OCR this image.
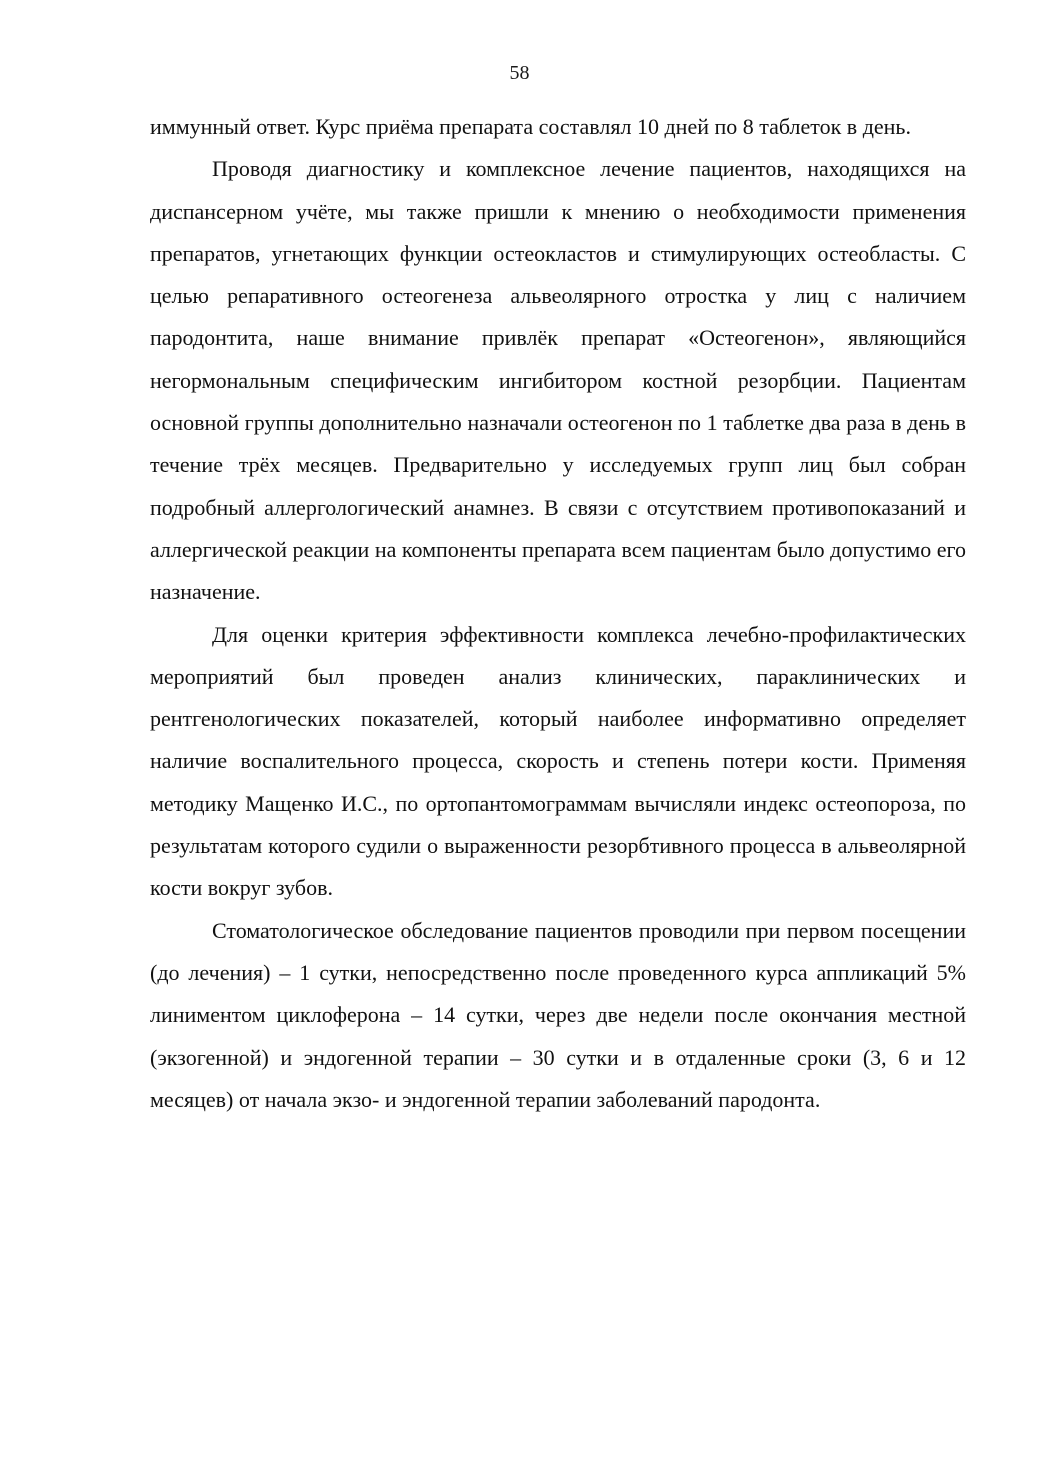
58

иммунный ответ. Курс приёма препарата составлял 10 дней по 8 таблеток в день.

Проводя диагностику и комплексное лечение пациентов, находящихся на диспансерном учёте, мы также пришли к мнению о необходимости применения препаратов, угнетающих функции остеокластов и стимулирующих остеобласты. С целью репаративного остеогенеза альвеолярного отростка у лиц с наличием пародонтита, наше внимание привлёк препарат «Остеогенон», являющийся негормональным специфическим ингибитором костной резорбции. Пациентам основной группы дополнительно назначали остеогенон по 1 таблетке два раза в день в течение трёх месяцев. Предварительно у исследуемых групп лиц был собран подробный аллергологический анамнез. В связи с отсутствием противопоказаний и аллергической реакции на компоненты препарата всем пациентам было допустимо его назначение.

Для оценки критерия эффективности комплекса лечебно-профилактических мероприятий был проведен анализ клинических, параклинических и рентгенологических показателей, который наиболее информативно определяет наличие воспалительного процесса, скорость и степень потери кости. Применяя методику Мащенко И.С., по ортопантомограммам вычисляли индекс остеопороза, по результатам которого судили о выраженности резорбтивного процесса в альвеолярной кости вокруг зубов.

Стоматологическое обследование пациентов проводили при первом посещении (до лечения) – 1 сутки, непосредственно после проведенного курса аппликаций 5% линиментом циклоферона – 14 сутки, через две недели после окончания местной (экзогенной) и эндогенной терапии – 30 сутки и в отдаленные сроки (3, 6 и 12 месяцев) от начала экзо- и эндогенной терапии заболеваний пародонта.
